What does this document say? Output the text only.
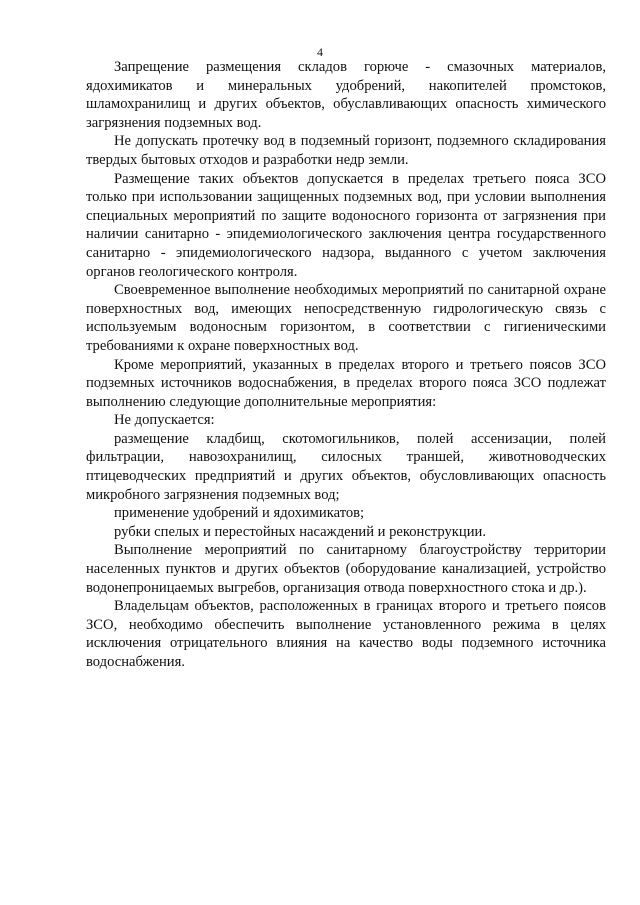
4

Запрещение размещения складов горюче - смазочных материалов, ядохимикатов и минеральных удобрений, накопителей промстоков, шламохранилищ и других объектов, обуславливающих опасность химического загрязнения подземных вод.

Не допускать протечку вод в подземный горизонт, подземного складирования твердых бытовых отходов и разработки недр земли.

Размещение таких объектов допускается в пределах третьего пояса ЗСО только при использовании защищенных подземных вод, при условии выполнения специальных мероприятий по защите водоносного горизонта от загрязнения при наличии санитарно - эпидемиологического заключения центра государственного санитарно - эпидемиологического надзора, выданного с учетом заключения органов геологического контроля.

Своевременное выполнение необходимых мероприятий по санитарной охране поверхностных вод, имеющих непосредственную гидрологическую связь с используемым водоносным горизонтом, в соответствии с гигиеническими требованиями к охране поверхностных вод.

Кроме мероприятий, указанных в пределах второго и третьего поясов ЗСО подземных источников водоснабжения, в пределах второго пояса ЗСО подлежат выполнению следующие дополнительные мероприятия:

Не допускается:

размещение кладбищ, скотомогильников, полей ассенизации, полей фильтрации, навозохранилищ, силосных траншей, животноводческих птицеводческих предприятий и других объектов, обусловливающих опасность микробного загрязнения подземных вод;

применение удобрений и ядохимикатов;

рубки спелых и перестойных насаждений и реконструкции.

Выполнение мероприятий по санитарному благоустройству территории населенных пунктов и других объектов (оборудование канализацией, устройство водонепроницаемых выгребов, организация отвода поверхностного стока и др.).

Владельцам объектов, расположенных в границах второго и третьего поясов ЗСО, необходимо обеспечить выполнение установленного режима в целях исключения отрицательного влияния на качество воды подземного источника водоснабжения.
